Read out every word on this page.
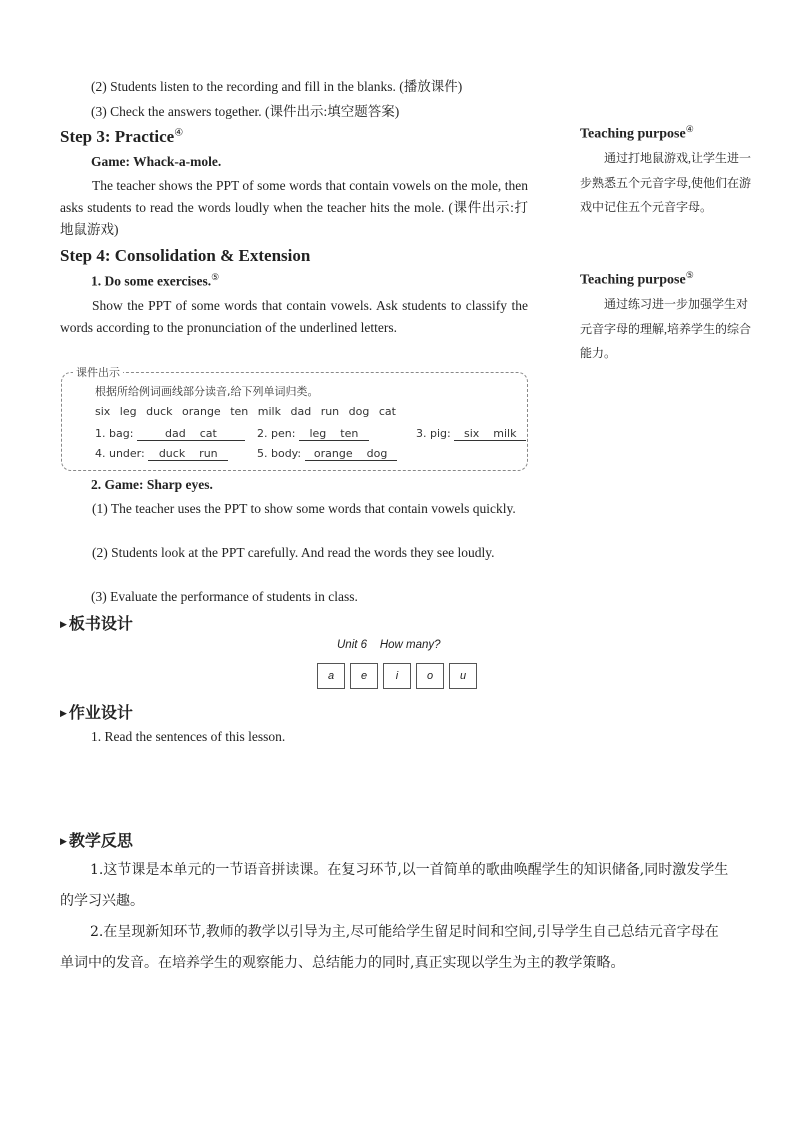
(2) Students listen to the recording and fill in the blanks. (播放课件)

(3) Check the answers together. (课件出示:填空题答案)

Step 3: Practice④
Game: Whack-a-mole.

The teacher shows the PPT of some words that contain vowels on the mole, then asks students to read the words loudly when the teacher hits the mole. (课件出示:打地鼠游戏)

Step 4: Consolidation & Extension
1. Do some exercises.⑤

Show the PPT of some words that contain vowels. Ask students to classify the words according to the pronunciation of the underlined letters.

课件出示
根据所给例词画线部分读音,给下列单词归类。
six leg duck orange ten milk dad run dog cat
1. bag:	dad    cat	2. pen: leg    ten	3. pig: six    milk
4. under: duck    run	5. body: orange    dog
2. Game: Sharp eyes.

(1) The teacher uses the PPT to show some words that contain vowels quickly.

(2) Students look at the PPT carefully. And read the words they see loudly.

(3) Evaluate the performance of students in class.

Teaching purpose④

通过打地鼠游戏,让学生进一步熟悉五个元音字母,使他们在游戏中记住五个元音字母。

Teaching purpose⑤

通过练习进一步加强学生对元音字母的理解,培养学生的综合能力。

▶ 板书设计
Unit 6    How many?
a e	i	o u
▶ 作业设计

1. Read the sentences of this lesson.

▶ 教学反思

1.这节课是本单元的一节语音拼读课。在复习环节,以一首简单的歌曲唤醒学生的知识储备,同时激发学生的学习兴趣。

2.在呈现新知环节,教师的教学以引导为主,尽可能给学生留足时间和空间,引导学生自己总结元音字母在单词中的发音。在培养学生的观察能力、总结能力的同时,真正实现以学生为主的教学策略。
